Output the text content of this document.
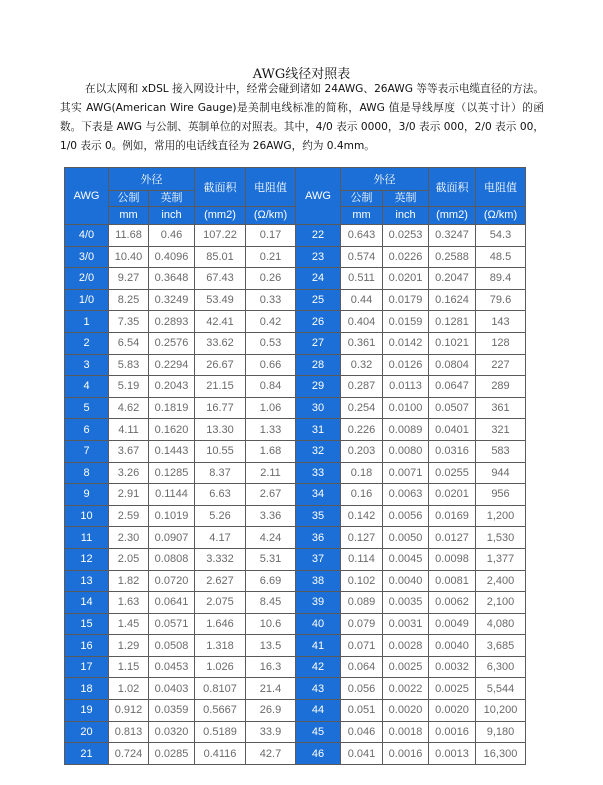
AWG线径对照表

在以太网和 xDSL 接入网设计中，经常会碰到诸如 24AWG、26AWG 等等表示电缆直径的方法。其实 AWG(American Wire Gauge)是美制电线标准的简称，AWG 值是导线厚度（以英寸计）的函数。下表是 AWG 与公制、英制单位的对照表。其中，4/0 表示 0000，3/0 表示 000，2/0 表示 00，1/0 表示 0。例如，常用的电话线直径为 26AWG，约为 0.4mm。

AWG	外径		截面积	电阻值	AWG	外径		截面积	电阻值
	公制	英制				公制	英制		
	mm	inch	(mm2)	(Ω/km)		mm	inch	(mm2)	(Ω/km)
4/0	11.68	0.46	107.22	0.17	22	0.643	0.0253	0.3247	54.3
3/0	10.40	0.4096	85.01	0.21	23	0.574	0.0226	0.2588	48.5
2/0	9.27	0.3648	67.43	0.26	24	0.511	0.0201	0.2047	89.4
1/0	8.25	0.3249	53.49	0.33	25	0.44	0.0179	0.1624	79.6
1	7.35	0.2893	42.41	0.42	26	0.404	0.0159	0.1281	143
2	6.54	0.2576	33.62	0.53	27	0.361	0.0142	0.1021	128
3	5.83	0.2294	26.67	0.66	28	0.32	0.0126	0.0804	227
4	5.19	0.2043	21.15	0.84	29	0.287	0.0113	0.0647	289
5	4.62	0.1819	16.77	1.06	30	0.254	0.0100	0.0507	361
6	4.11	0.1620	13.30	1.33	31	0.226	0.0089	0.0401	321
7	3.67	0.1443	10.55	1.68	32	0.203	0.0080	0.0316	583
8	3.26	0.1285	8.37	2.11	33	0.18	0.0071	0.0255	944
9	2.91	0.1144	6.63	2.67	34	0.16	0.0063	0.0201	956
10	2.59	0.1019	5.26	3.36	35	0.142	0.0056	0.0169	1,200
11	2.30	0.0907	4.17	4.24	36	0.127	0.0050	0.0127	1,530
12	2.05	0.0808	3.332	5.31	37	0.114	0.0045	0.0098	1,377
13	1.82	0.0720	2.627	6.69	38	0.102	0.0040	0.0081	2,400
14	1.63	0.0641	2.075	8.45	39	0.089	0.0035	0.0062	2,100
15	1.45	0.0571	1.646	10.6	40	0.079	0.0031	0.0049	4,080
16	1.29	0.0508	1.318	13.5	41	0.071	0.0028	0.0040	3,685
17	1.15	0.0453	1.026	16.3	42	0.064	0.0025	0.0032	6,300
18	1.02	0.0403	0.8107	21.4	43	0.056	0.0022	0.0025	5,544
19	0.912	0.0359	0.5667	26.9	44	0.051	0.0020	0.0020	10,200
20	0.813	0.0320	0.5189	33.9	45	0.046	0.0018	0.0016	9,180
21	0.724	0.0285	0.4116	42.7	46	0.041	0.0016	0.0013	16,300
